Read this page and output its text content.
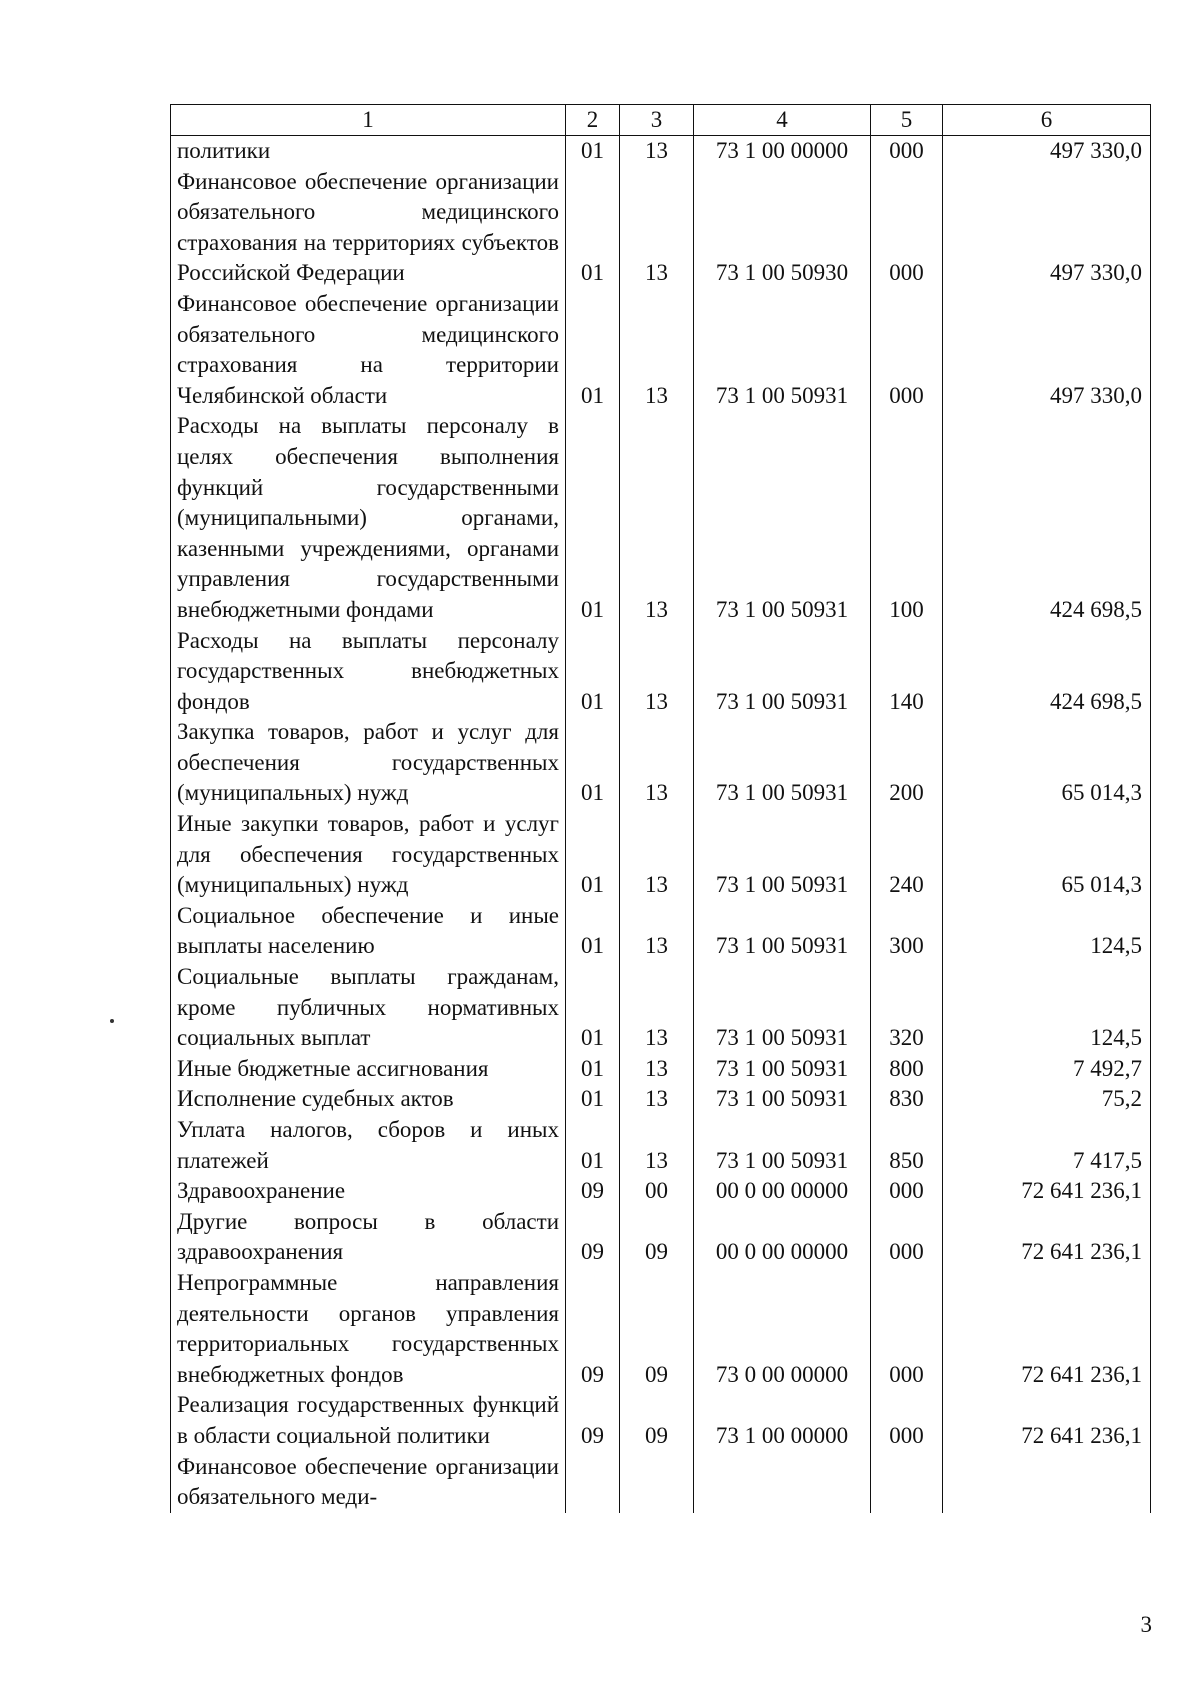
1	2	3	4	5	6
политики	01	13	73 1 00 00000	000	497 330,0
Финансовое обеспечение организации обязательного медицинского страхования на территориях субъектов Российской Федерации	01	13	73 1 00 50930	000	497 330,0
Финансовое обеспечение организации обязательного медицинского страхования на территории Челябинской области	01	13	73 1 00 50931	000	497 330,0
Расходы на выплаты персоналу в целях обеспечения выполнения функций государственными (муниципальными) органами, казенными учреждениями, органами управления государственными внебюджетными фондами	01	13	73 1 00 50931	100	424 698,5
Расходы на выплаты персоналу государственных внебюджетных фондов	01	13	73 1 00 50931	140	424 698,5
Закупка товаров, работ и услуг для обеспечения государственных (муниципальных) нужд	01	13	73 1 00 50931	200	65 014,3
Иные закупки товаров, работ и услуг для обеспечения государственных (муниципальных) нужд	01	13	73 1 00 50931	240	65 014,3
Социальное обеспечение и иные выплаты населению	01	13	73 1 00 50931	300	124,5
Социальные выплаты гражданам, кроме публичных нормативных социальных выплат	01	13	73 1 00 50931	320	124,5
Иные бюджетные ассигнования	01	13	73 1 00 50931	800	7 492,7
Исполнение судебных актов	01	13	73 1 00 50931	830	75,2
Уплата налогов, сборов и иных платежей	01	13	73 1 00 50931	850	7 417,5
Здравоохранение	09	00	00 0 00 00000	000	72 641 236,1
Другие вопросы в области здравоохранения	09	09	00 0 00 00000	000	72 641 236,1
Непрограммные направления деятельности органов управления территориальных государственных внебюджетных фондов	09	09	73 0 00 00000	000	72 641 236,1
Реализация государственных функций в области социальной политики	09	09	73 1 00 00000	000	72 641 236,1
Финансовое обеспечение организации обязательного меди-					
3
